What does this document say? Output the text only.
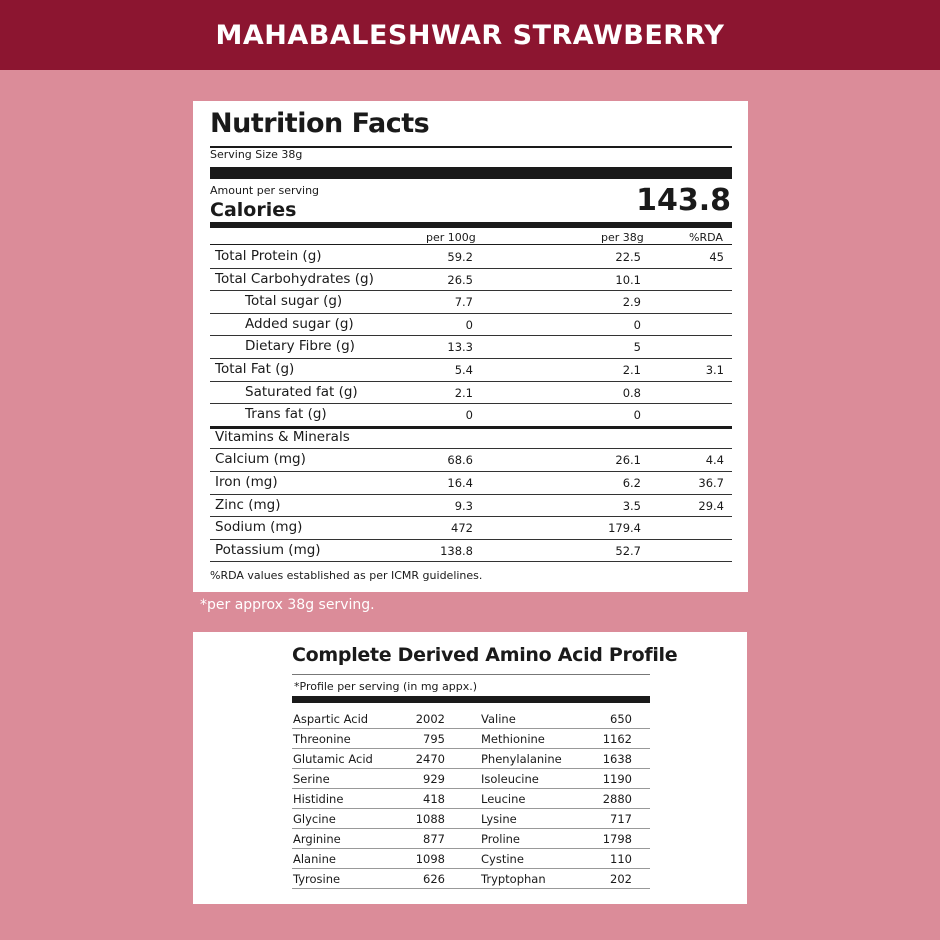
MAHABALESHWAR STRAWBERRY
Nutrition Facts
Serving Size 38g
Amount per serving
Calories	143.8
per 100g	per 38g	%RDA
Total Protein (g)	59.2	22.5	45
Total Carbohydrates (g)	26.5	10.1
Total sugar (g)	7.7	2.9
Added sugar (g)	0	0
Dietary Fibre (g)	13.3	5
Total Fat (g)	5.4	2.1	3.1
Saturated fat (g)	2.1	0.8
Trans fat (g)	0	0
Vitamins & Minerals
Calcium (mg)	68.6	26.1	4.4
Iron (mg)	16.4	6.2	36.7
Zinc (mg)	9.3	3.5	29.4
Sodium (mg)	472	179.4
Potassium (mg)	138.8	52.7
%RDA values established as per ICMR guidelines.
*per approx 38g serving.
Complete Derived Amino Acid Profile
*Profile per serving (in mg appx.)
Aspartic Acid	2002	Valine	650
Threonine	795	Methionine	1162
Glutamic Acid	2470	Phenylalanine	1638
Serine	929	Isoleucine	1190
Histidine	418	Leucine	2880
Glycine	1088	Lysine	717
Arginine	877	Proline	1798
Alanine	1098	Cystine	110
Tyrosine	626	Tryptophan	202
